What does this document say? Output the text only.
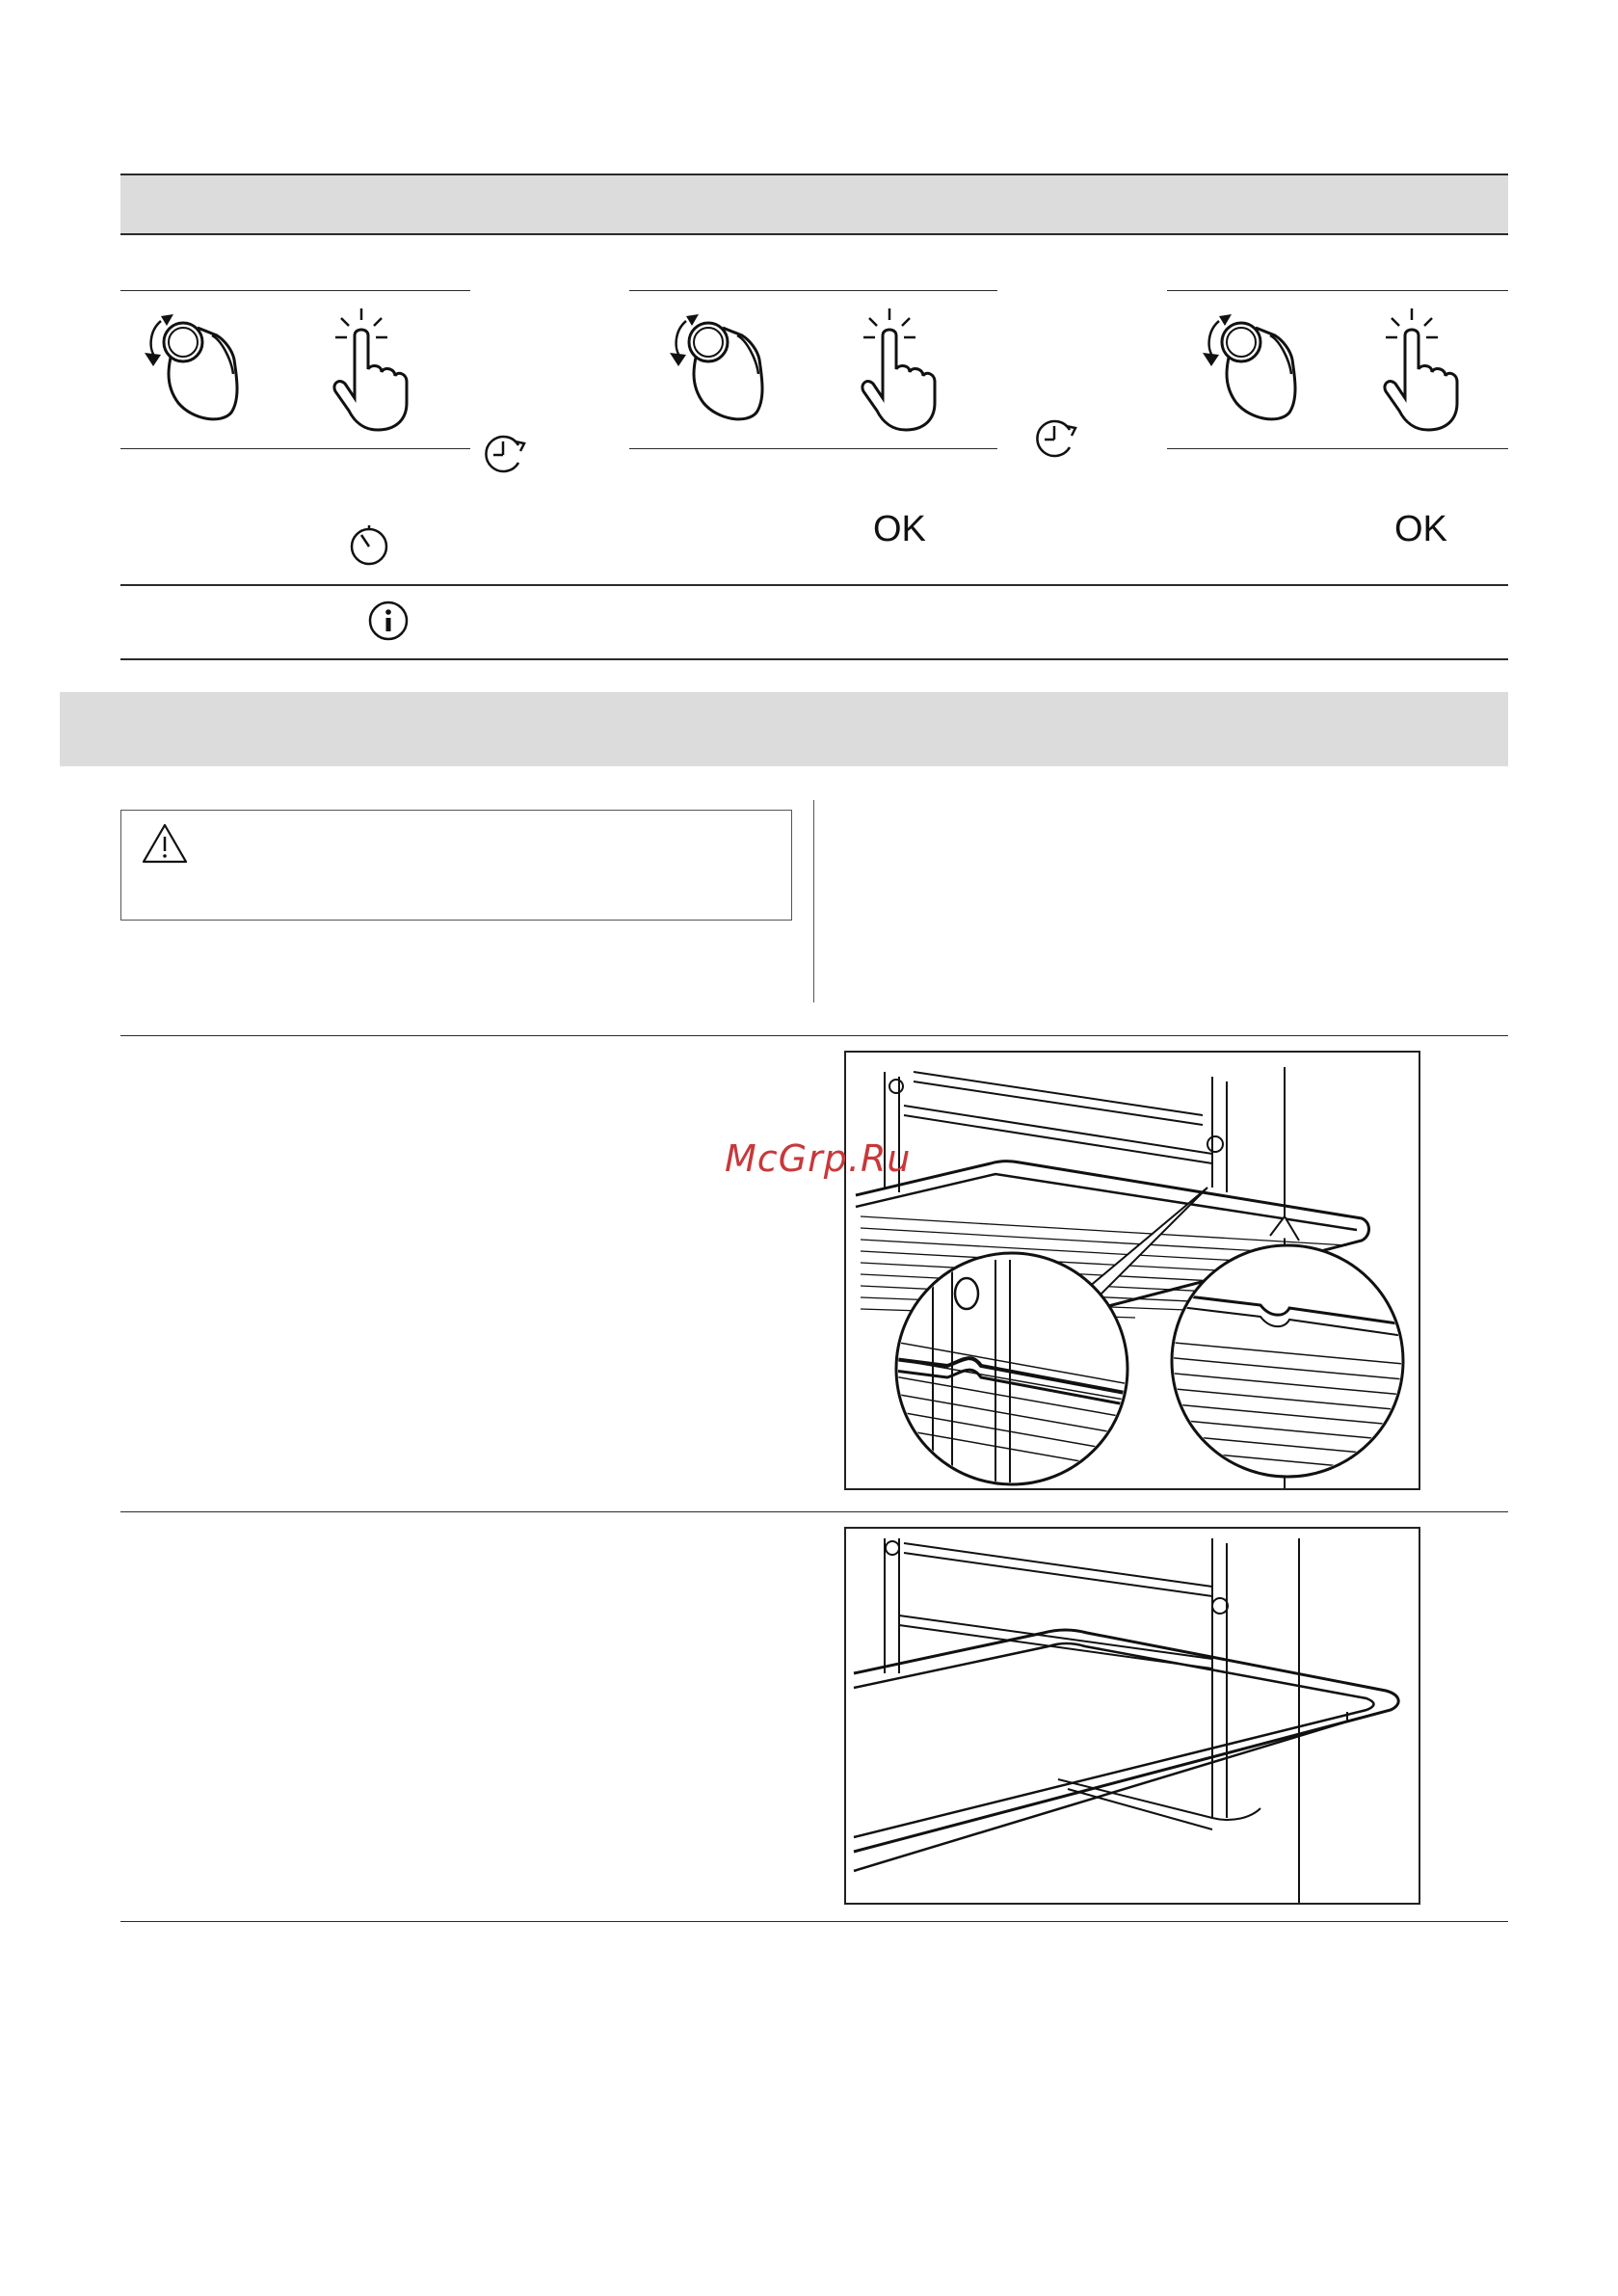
OK	OK
McGrp.Ru
